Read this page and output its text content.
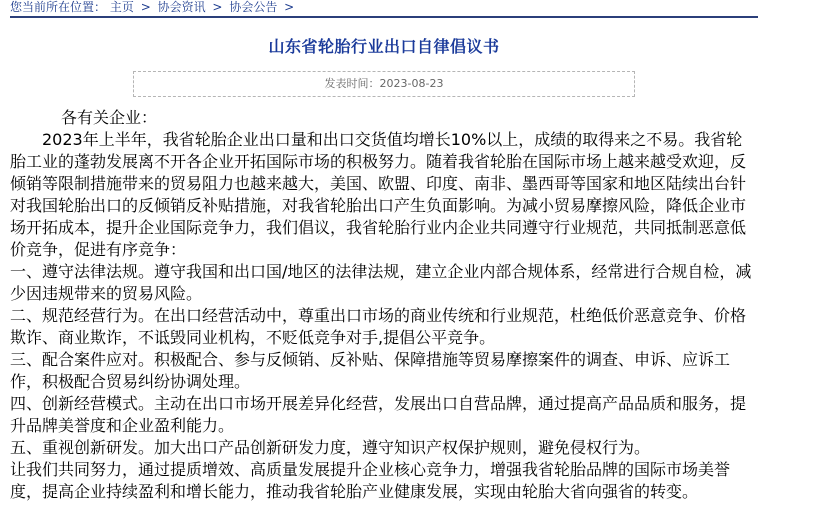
您当前所在位置： 主页 > 协会资讯 > 协会公告 >
山东省轮胎行业出口自律倡议书
发表时间：2023-08-23

各有关企业：

2023年上半年，我省轮胎企业出口量和出口交货值均增长10%以上，成绩的取得来之不易。我省轮胎工业的蓬勃发展离不开各企业开拓国际市场的积极努力。随着我省轮胎在国际市场上越来越受欢迎，反倾销等限制措施带来的贸易阻力也越来越大，美国、欧盟、印度、南非、墨西哥等国家和地区陆续出台针对我国轮胎出口的反倾销反补贴措施，对我省轮胎出口产生负面影响。为减小贸易摩擦风险，降低企业市场开拓成本，提升企业国际竞争力，我们倡议，我省轮胎行业内企业共同遵守行业规范，共同抵制恶意低价竞争，促进有序竞争：

一、遵守法律法规。遵守我国和出口国/地区的法律法规，建立企业内部合规体系，经常进行合规自检，减少因违规带来的贸易风险。

二、规范经营行为。在出口经营活动中，尊重出口市场的商业传统和行业规范，杜绝低价恶意竞争、价格欺诈、商业欺诈，不诋毁同业机构，不贬低竞争对手,提倡公平竞争。

三、配合案件应对。积极配合、参与反倾销、反补贴、保障措施等贸易摩擦案件的调查、申诉、应诉工作，积极配合贸易纠纷协调处理。

四、创新经营模式。主动在出口市场开展差异化经营，发展出口自营品牌，通过提高产品品质和服务，提升品牌美誉度和企业盈利能力。

五、重视创新研发。加大出口产品创新研发力度，遵守知识产权保护规则，避免侵权行为。

让我们共同努力，通过提质增效、高质量发展提升企业核心竞争力，增强我省轮胎品牌的国际市场美誉度，提高企业持续盈利和增长能力，推动我省轮胎产业健康发展，实现由轮胎大省向强省的转变。
